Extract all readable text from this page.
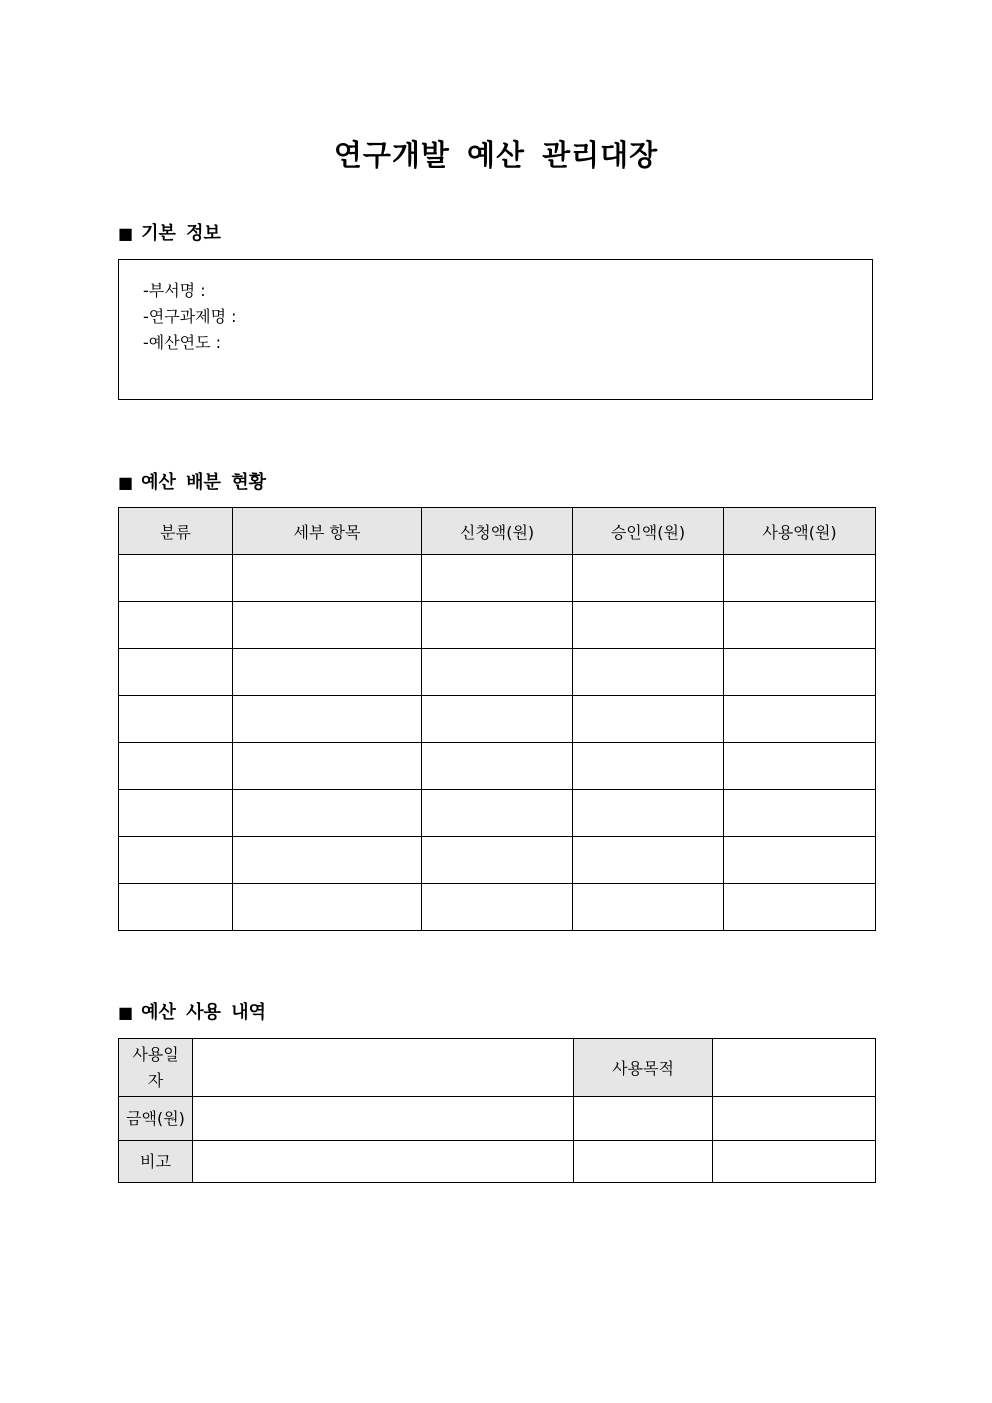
연구개발 예산 관리대장
■ 기본 정보
-부서명 :
-연구과제명 :
-예산연도 :
■ 예산 배분 현황
분류	세부 항목	신청액(원)	승인액(원)	사용액(원)

■ 예산 사용 내역
사용일자		사용목적	
금액(원)			
비고			
